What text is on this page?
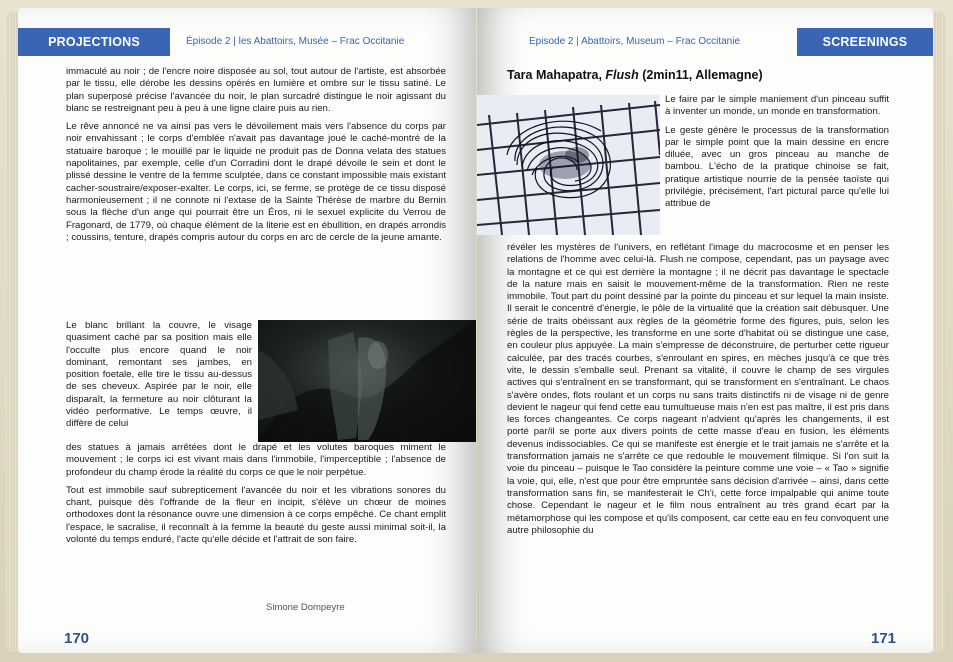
PROJECTIONS	Épisode 2 | les Abattoirs, Musée – Frac Occitanie

immaculé au noir ; de l'encre noire disposée au sol, tout autour de l'artiste, est absorbée par le tissu, elle dérobe les dessins opérés en lumière et ombre sur le tissu satiné. Le plan superposé précise l'avancée du noir, le plan surcadré distingue le noir agissant du blanc se restreignant peu à peu à une ligne claire puis au rien.

Le rêve annoncé ne va ainsi pas vers le dévoilement mais vers l'absence du corps par noir envahissant ; le corps d'emblée n'avait pas davantage joué le caché-montré de la statuaire baroque ; le mouillé par le liquide ne produit pas de Donna velata des statues napolitaines, par exemple, celle d'un Corradini dont le drapé dévoile le sein et dont le plissé dessine le ventre de la femme sculptée, dans ce constant impossible mais existant cacher-soustraire/exposer-exalter. Le corps, ici, se ferme, se protège de ce tissu disposé harmonieusement ; il ne connote ni l'extase de la Sainte Thérèse de marbre du Bernin sous la flèche d'un ange qui pourrait être un Éros, ni le sexuel explicite du Verrou de Fragonard, de 1779, où chaque élément de la literie est en ébullition, en drapés arrondis ; coussins, tenture, drapés compris autour du corps en arc de cercle de la jeune amante.

Le blanc brillant la couvre, le visage quasiment caché par sa position mais elle l'occulte plus encore quand le noir dominant, remontant ses jambes, en position foetale, elle tire le tissu au-dessus de ses cheveux. Aspirée par le noir, elle disparaît, la fermeture au noir clôturant la vidéo performative. Le temps œuvre, il diffère de celui

des statues à jamais arrêtées dont le drapé et les volutes baroques miment le mouvement ; le corps ici est vivant mais dans l'immobile, l'imperceptible ; l'absence de profondeur du champ érode la réalité du corps ce que le noir perpétue.

Tout est immobile sauf subrepticement l'avancée du noir et les vibrations sonores du chant, puisque dès l'offrande de la fleur en incipit, s'élève un chœur de moines orthodoxes dont la résonance ouvre une dimension à ce corps empêché. Ce chant emplit l'espace, le sacralise, il reconnaît à la femme la beauté du geste aussi minimal soit-il, la volonté du temps enduré, l'acte qu'elle décide et l'attrait de son faire.

Simone Dompeyre
170
Episode 2 | Abattoirs, Museum – Frac Occitanie	SCREENINGS
Tara Mahapatra, Flush (2min11, Allemagne)

Le faire par le simple maniement d'un pinceau suffit à inventer un monde, un monde en transformation.

Le geste génère le processus de la transformation par le simple point que la main dessine en encre diluée, avec un gros pinceau au manche de bambou. L'écho de la pratique chinoise se fait, pratique artistique nourrie de la pensée taoïste qui privilégie, précisément, l'art pictural parce qu'elle lui attribue de

révéler les mystères de l'univers, en reflétant l'image du macrocosme et en penser les relations de l'homme avec celui-là. Flush ne compose, cependant, pas un paysage avec la montagne et ce qui est derrière la montagne ; il ne décrit pas davantage le spectacle de la nature mais en saisit le mouvement-même de la transformation. Rien ne reste immobile. Tout part du point dessiné par la pointe du pinceau et sur lequel la main insiste. Il serait le concentré d'énergie, le pôle de la virtualité que la création sait débusquer. Une série de traits obéissant aux règles de la géométrie forme des figures, puis, selon les règles de la perspective, les transforme en une sorte d'habitat où se distingue une case, en couleur plus appuyée. La main s'empresse de déconstruire, de perturber cette rigueur calculée, par des tracés courbes, s'enroulant en spires, en mèches jusqu'à ce que très vite, le dessin s'emballe seul. Prenant sa vitalité, il couvre le champ de ses virgules actives qui s'entraînent en se transformant, qui se transforment en s'entraînant. Le chaos s'avère ondes, flots roulant et un corps nu sans traits distinctifs ni de visage ni de genre devient le nageur qui fend cette eau tumultueuse mais n'en est pas maître, il est pris dans les forces changeantes. Ce corps nageant n'advient qu'après les changements, il est porté par/il se porte aux divers points de cette masse d'eau en fusion, les éléments devenus indissociables. Ce qui se manifeste est énergie et le trait jamais ne s'arrête et la transformation jamais ne s'arrête ce que redouble le mouvement filmique. Si l'on suit la voie du pinceau – puisque le Tao considère la peinture comme une voie – « Tao » signifie la voie, qui, elle, n'est que pour être empruntée sans décision d'arrivée – ainsi, dans cette transformation sans fin, se manifesterait le Ch'i, cette force impalpable qui anime toute chose. Cependant le nageur et le film nous entraînent au très grand écart par la métamorphose qui les compose et qu'ils composent, car cette eau en feu convoquent une autre philosophie du

171
